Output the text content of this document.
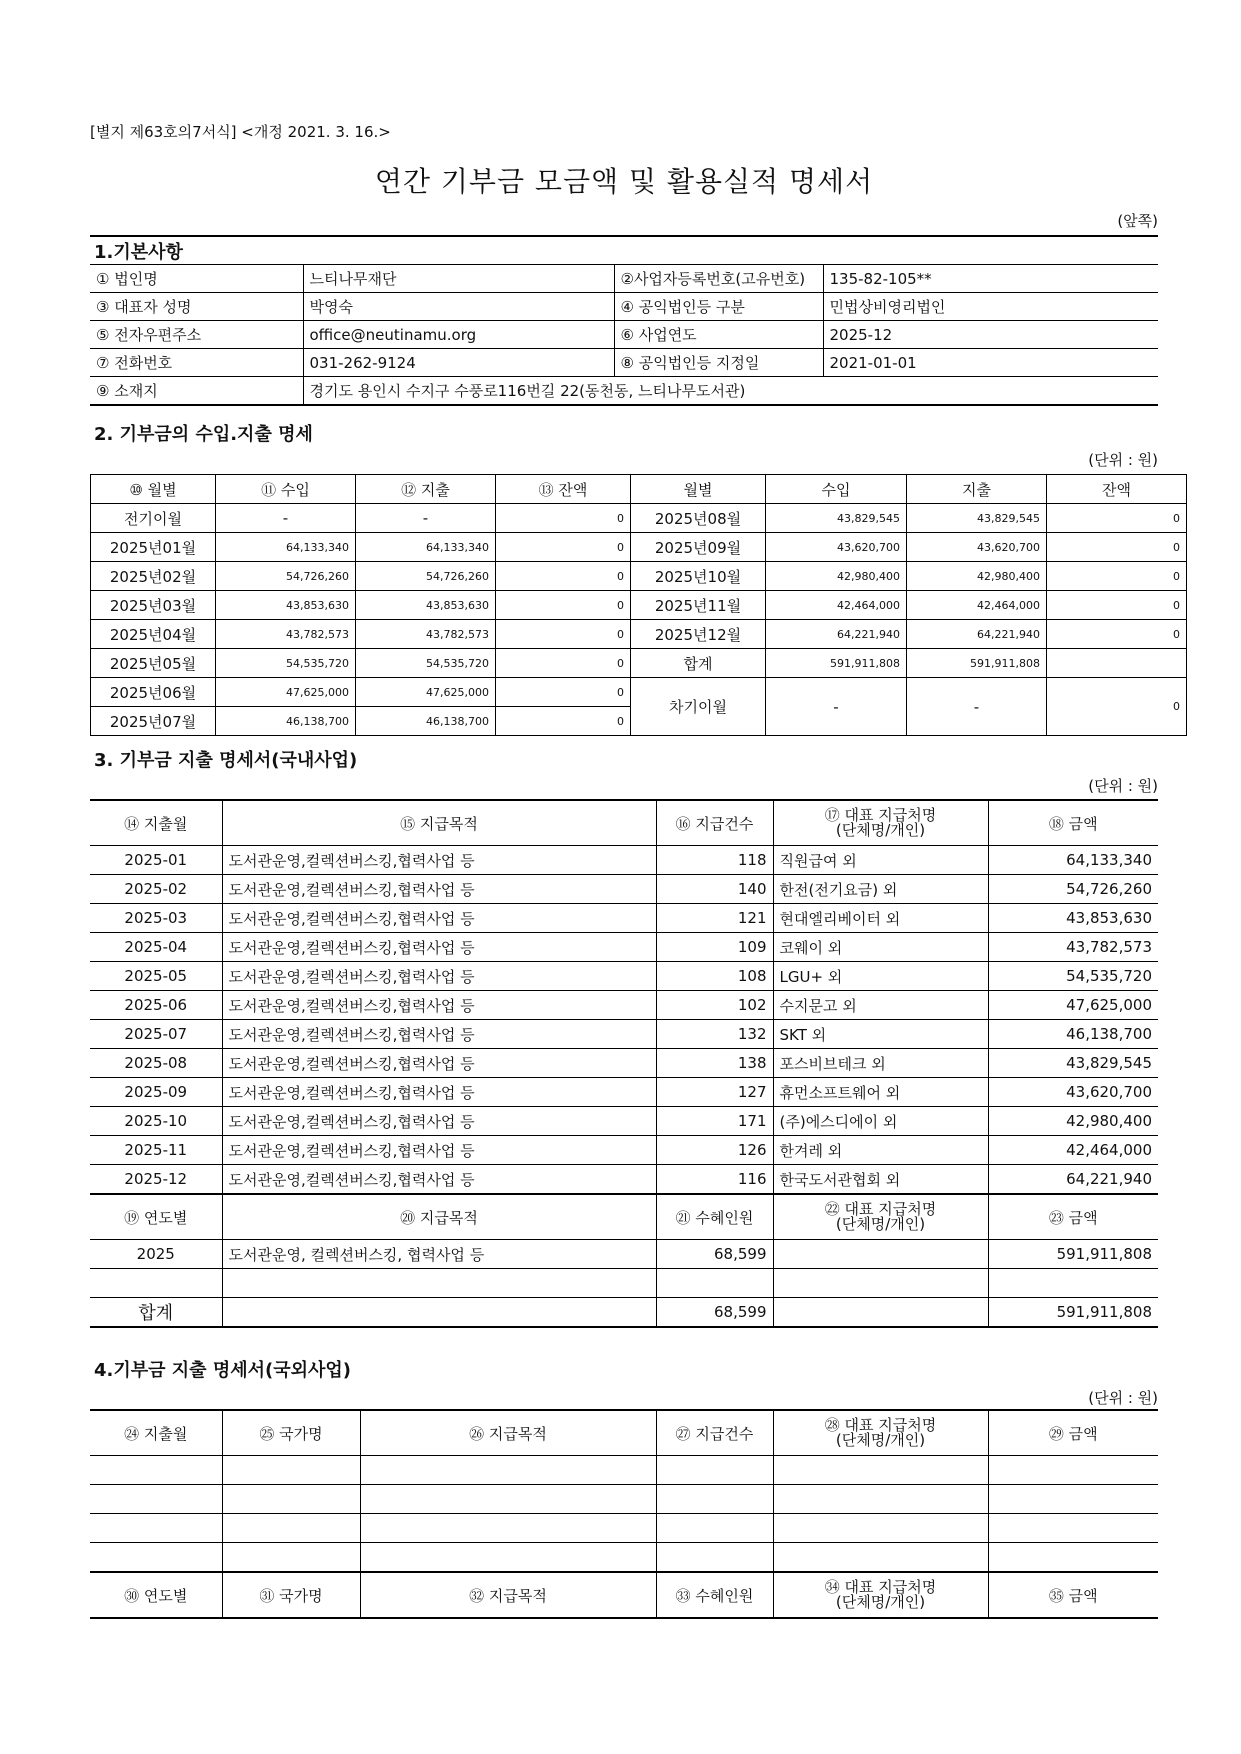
[별지 제63호의7서식] <개정 2021. 3. 16.>
연간 기부금 모금액 및 활용실적 명세서
(앞쪽)
1.기본사항
① 법인명	느티나무재단	②사업자등록번호(고유번호)	135-82-105**
③ 대표자 성명	박영숙	④ 공익법인등 구분	민법상비영리법인
⑤ 전자우편주소	office@neutinamu.org	⑥ 사업연도	2025-12
⑦ 전화번호	031-262-9124	⑧ 공익법인등 지정일	2021-01-01
⑨ 소재지	경기도 용인시 수지구 수풍로116번길 22(동천동, 느티나무도서관)		
2. 기부금의 수입.지출 명세
(단위 : 원)
⑩ 월별	⑪ 수입	⑫ 지출	⑬ 잔액	월별	수입	지출	잔액
전기이월	-	-	0	2025년08월	43,829,545	43,829,545	0
2025년01월	64,133,340	64,133,340	0	2025년09월	43,620,700	43,620,700	0
2025년02월	54,726,260	54,726,260	0	2025년10월	42,980,400	42,980,400	0
2025년03월	43,853,630	43,853,630	0	2025년11월	42,464,000	42,464,000	0
2025년04월	43,782,573	43,782,573	0	2025년12월	64,221,940	64,221,940	0
2025년05월	54,535,720	54,535,720	0	합계	591,911,808	591,911,808	
2025년06월	47,625,000	47,625,000	0	차기이월	-	-	0
2025년07월	46,138,700	46,138,700	0				
3. 기부금 지출 명세서(국내사업)
(단위 : 원)
⑭ 지출월	⑮ 지급목적	⑯ 지급건수	⑰ 대표 지급처명
(단체명/개인)	⑱ 금액
2025-01	도서관운영,컬렉션버스킹,협력사업 등	118	직원급여 외	64,133,340
2025-02	도서관운영,컬렉션버스킹,협력사업 등	140	한전(전기요금) 외	54,726,260
2025-03	도서관운영,컬렉션버스킹,협력사업 등	121	현대엘리베이터 외	43,853,630
2025-04	도서관운영,컬렉션버스킹,협력사업 등	109	코웨이 외	43,782,573
2025-05	도서관운영,컬렉션버스킹,협력사업 등	108	LGU+ 외	54,535,720
2025-06	도서관운영,컬렉션버스킹,협력사업 등	102	수지문고 외	47,625,000
2025-07	도서관운영,컬렉션버스킹,협력사업 등	132	SKT 외	46,138,700
2025-08	도서관운영,컬렉션버스킹,협력사업 등	138	포스비브테크 외	43,829,545
2025-09	도서관운영,컬렉션버스킹,협력사업 등	127	휴먼소프트웨어 외	43,620,700
2025-10	도서관운영,컬렉션버스킹,협력사업 등	171	(주)에스디에이 외	42,980,400
2025-11	도서관운영,컬렉션버스킹,협력사업 등	126	한겨레 외	42,464,000
2025-12	도서관운영,컬렉션버스킹,협력사업 등	116	한국도서관협회 외	64,221,940
⑲ 연도별	⑳ 지급목적	㉑ 수혜인원	㉒ 대표 지급처명
(단체명/개인)	㉓ 금액
2025	도서관운영, 컬렉션버스킹, 협력사업 등	68,599		591,911,808

합계		68,599		591,911,808
4.기부금 지출 명세서(국외사업)
(단위 : 원)
㉔ 지출월	㉕ 국가명	㉖ 지급목적	㉗ 지급건수	㉘ 대표 지급처명
(단체명/개인)	㉙ 금액

㉚ 연도별	㉛ 국가명	㉜ 지급목적	㉝ 수혜인원	㉞ 대표 지급처명
(단체명/개인)	㉟ 금액
